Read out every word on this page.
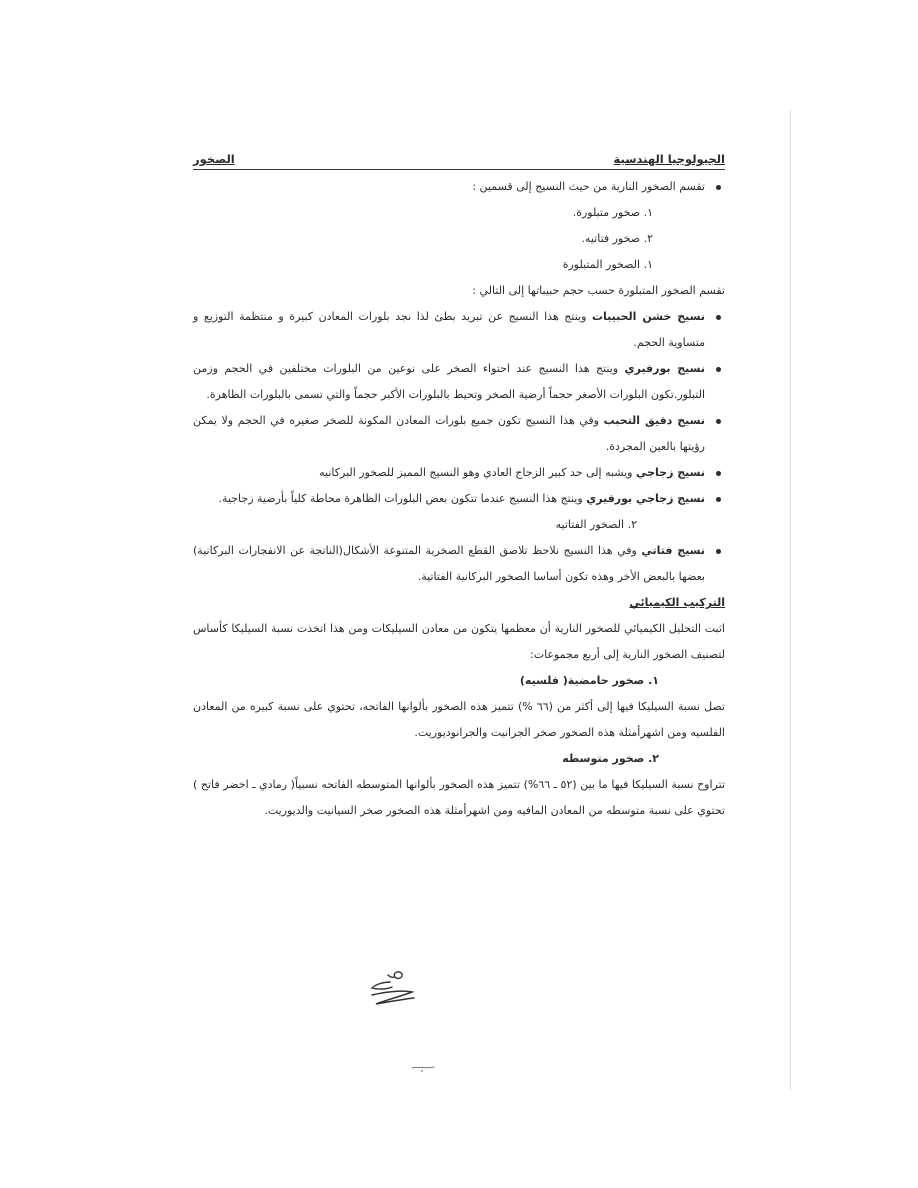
الجيولوجيا الهندسية
الصخور

تقسم الصخور النارية من حيث النسيج إلى قسمين :

١. صخور متبلورة.

٢. صخور فتاتيه.

١. الصخور المتبلورة

تقسم الصخور المتبلورة حسب حجم حبيباتها إلى التالي :

نسيج خشن الحبيبات وينتج هذا النسيج عن تبريد بطئ لذا نجد بلورات المعادن كبيرة و منتظمة التوزيع و متساوية الحجم.

نسيج بورفيري وينتج هذا النسيج عند احتواء الصخر على نوعين من البلورات مختلفين في الحجم وزمن التبلور.تكون البلورات الأصغر حجماً أرضية الصخر وتحيط بالبلورات الأكبر حجماً والتي تسمى بالبلورات الظاهرة.

نسيج دقيق التحبب وفي هذا النسيج تكون جميع بلورات المعادن المكونة للصخر صغيره في الحجم ولا يمكن رؤيتها بالعين المجردة.

نسيج زجاجي ويشبه إلى حد كبير الزجاج العادي وهو النسيج المميز للصخور البركانيه

نسيج زجاجي بورفيري وينتج هذا النسيج عندما تتكون بعض البلورات الظاهرة محاطة كلياً بأرضية زجاجية.

٢. الصخور الفتاتيه

نسيج فتاتي وفي هذا النسيج نلاحظ تلاصق القطع الصخرية المتنوعة الأشكال(الناتجة عن الانفجارات البركانية) بعضها بالبعض الأخر وهذه تكون أساسا الصخور البركانية الفتاتية.

التركيب الكيميائي

اثبت التحليل الكيميائي للصخور النارية أن معظمها يتكون من معادن السيليكات ومن هذا اتخذت نسبة السيليكا كأساس لتصنيف الصخور النارية إلى أربع مجموعات:

١. صخور حامضية( فلسيه)

تصل نسبة السيليكا فيها إلى أكثر من (٦٦ %) تتميز هذه الصخور بألوانها الفاتحه، تحتوي على نسبة كبيره من المعادن الفلسيه ومن اشهرأمثلة هذه الصخور صخر الجرانيت والجرانوديوريت.

٢. صخور متوسطه

تتراوح نسبة السيليكا فيها ما بين (٥٢ ـ ٦٦%) تتميز هذه الصخور بألوانها المتوسطه الفاتحه نسبياً( رمادي ـ اخضر فاتح ) تحتوي على نسبة متوسطه من المعادن المافيه ومن اشهرأمثلة هذه الصخور صخر السيانيت والديوريت.
